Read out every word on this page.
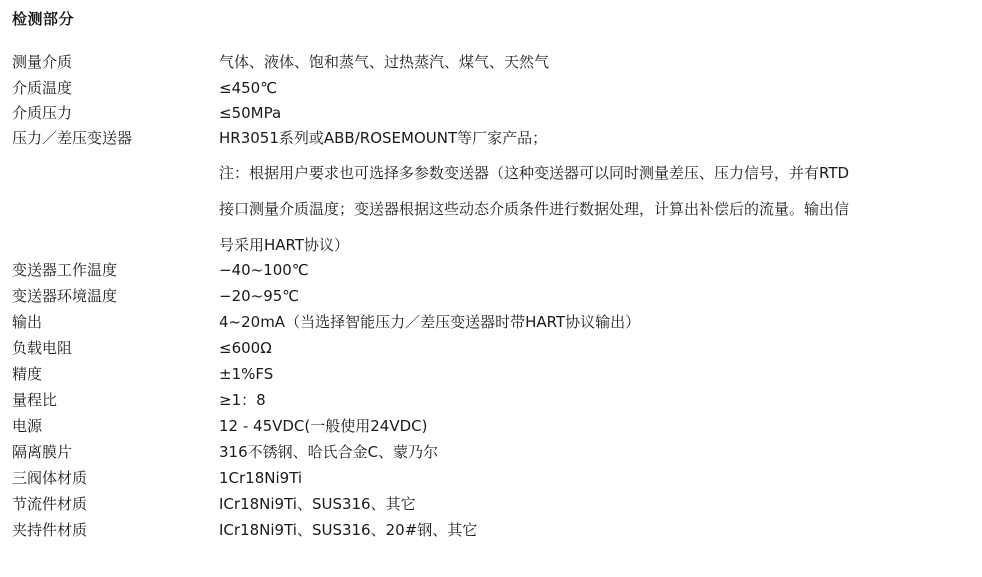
检测部分
测量介质	气体、液体、饱和蒸气、过热蒸汽、煤气、天然气
介质温度	≤450℃
介质压力	≤50MPa
压力／差压变送器	HR3051系列或ABB/ROSEMOUNT等厂家产品；
注：根据用户要求也可选择多参数变送器（这种变送器可以同时测量差压、压力信号，并有RTD
接口测量介质温度；变送器根据这些动态介质条件进行数据处理，计算出补偿后的流量。输出信
号采用HART协议）
变送器工作温度	−40~100℃
变送器环境温度	−20~95℃
输出	4~20mA（当选择智能压力／差压变送器时带HART协议输出）
负载电阻	≤600Ω
精度	±1%FS
量程比	≥1：8
电源	12 - 45VDC(一般使用24VDC)
隔离膜片	316不锈钢、哈氏合金C、蒙乃尔
三阀体材质	1Cr18Ni9Ti
节流件材质	ICr18Ni9Ti、SUS316、其它
夹持件材质	ICr18Ni9Ti、SUS316、20#钢、其它
